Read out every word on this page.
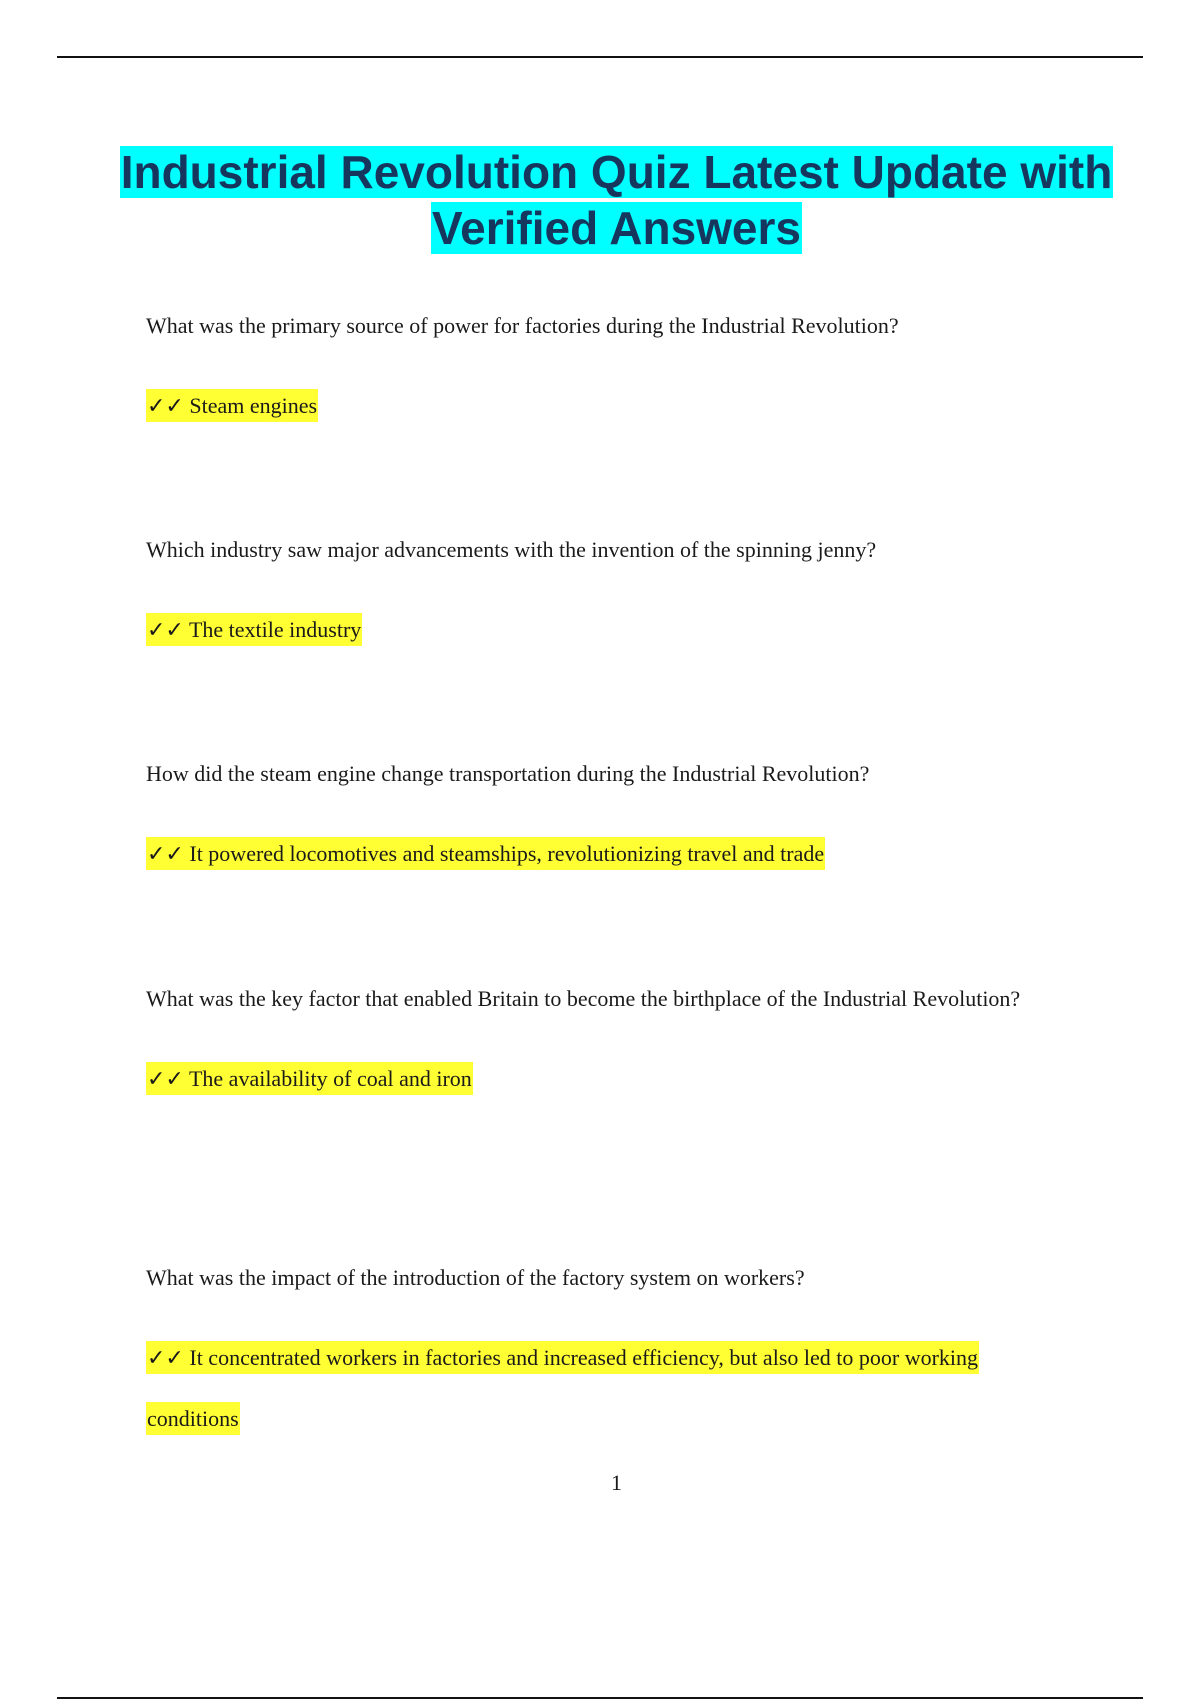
Industrial Revolution Quiz Latest Update with Verified Answers

What was the primary source of power for factories during the Industrial Revolution?

✓✓ Steam engines

Which industry saw major advancements with the invention of the spinning jenny?

✓✓ The textile industry

How did the steam engine change transportation during the Industrial Revolution?

✓✓ It powered locomotives and steamships, revolutionizing travel and trade

What was the key factor that enabled Britain to become the birthplace of the Industrial Revolution?

✓✓ The availability of coal and iron

What was the impact of the introduction of the factory system on workers?

✓✓ It concentrated workers in factories and increased efficiency, but also led to poor working conditions

1
